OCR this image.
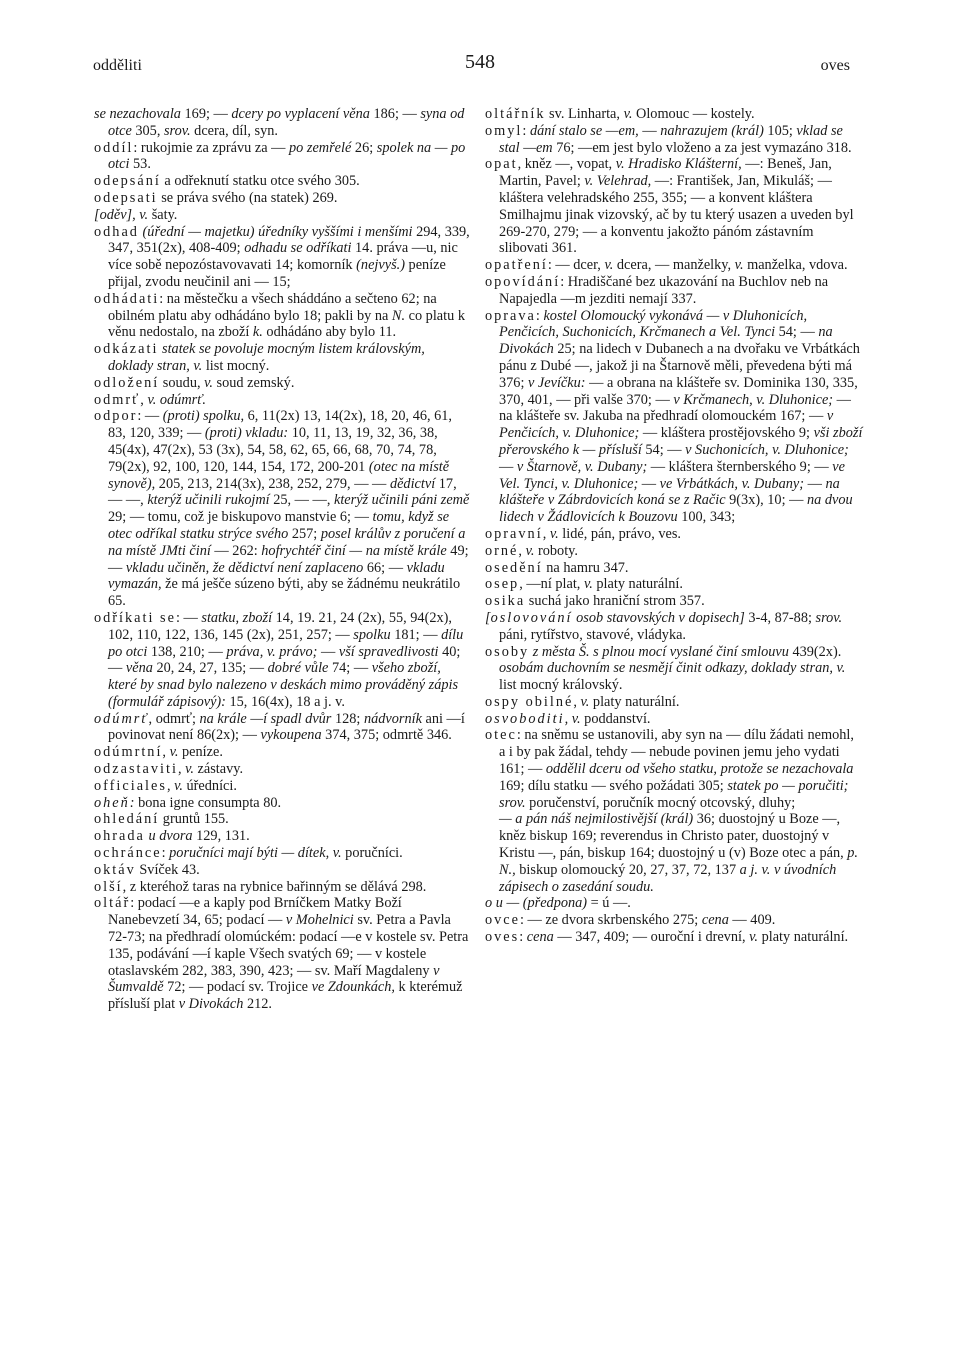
odděliti	548	oves

se nezachovala 169; — dcery po vyplacení věna 186; — syna od otce 305, srov. dcera, díl, syn.

oddíl: rukojmie za zprávu za — po zemřelé 26; spolek na — po otci 53.

odepsání a odřeknutí statku otce svého 305.

odepsati se práva svého (na statek) 269.

[oděv], v. šaty.

odhad (úřední — majetku) úředníky vyššími i menšími 294, 339, 347, 351(2x), 408-409; odhadu se odříkati 14. práva —u, nic více sobě nepozóstavovavati 14; komorník (nejvyš.) peníze přijal, zvodu neučinil ani — 15;

odhádati: na městečku a všech sháddáno a sečteno 62; na obilném platu aby odhádáno bylo 18; pakli by na N. co platu k věnu nedostalo, na zboží k. odhádáno aby bylo 11.

odkázati statek se povoluje mocným listem královským, doklady stran, v. list mocný.

odložení soudu, v. soud zemský.

odmrť, v. odúmrť.

odpor: — (proti) spolku, 6, 11(2x) 13, 14(2x), 18, 20, 46, 61, 83, 120, 339; — (proti) vkladu: 10, 11, 13, 19, 32, 36, 38, 45(4x), 47(2x), 53 (3x), 54, 58, 62, 65, 66, 68, 70, 74, 78, 79(2x), 92, 100, 120, 144, 154, 172, 200-201 (otec na místě synově), 205, 213, 214(3x), 238, 252, 279, — — dědictví 17, — —, kterýž učinili rukojmí 25, — —, kterýž učinili páni země 29; — tomu, což je biskupovo manstvie 6; — tomu, když se otec odříkal statku strýce svého 257; posel králův z poručení a na místě JMti činí — 262: hofrychtéř činí — na místě krále 49; — vkladu učiněn, že dědictví není zaplaceno 66; — vkladu vymazán, že má ješče súzeno býti, aby se žádnému neukrátilo 65.

odříkati se: — statku, zboží 14, 19. 21, 24 (2x), 55, 94(2x), 102, 110, 122, 136, 145 (2x), 251, 257; — spolku 181; — dílu po otci 138, 210; — práva, v. právo; — vší spravedlivosti 40; — věna 20, 24, 27, 135; — dobré vůle 74; — všeho zboží, které by snad bylo nalezeno v deskách mimo prováděný zápis (formulář zápisový): 15, 16(4x), 18 a j. v.

odúmrť, odmrť; na krále —í spadl dvůr 128; nádvorník ani —í povinovat není 86(2x); — vykoupena 374, 375; odmrtě 346.

odúmrtní, v. peníze.

odzastaviti, v. zástavy.

officiales, v. úředníci.

oheň: bona igne consumpta 80.

ohledání gruntů 155.

ohrada u dvora 129, 131.

ochránce: poručníci mají býti — dítek, v. poručníci.

oktáv Svíček 43.

olší, z kteréhož taras na rybnice bařinným se dělává 298.

oltář: podací —e a kaply pod Brníčkem Matky Boží Nanebevzetí 34, 65; podací — v Mohelnici sv. Petra a Pavla 72-73; na předhradí olomúckém: podací —e v kostele sv. Petra 135, podávání —í kaple Všech svatých 69; — v kostele otaslavském 282, 383, 390, 423; — sv. Maří Magdaleny v Šumvaldě 72; — podací sv. Trojice ve Zdounkách, k kterémuž přísluší plat v Divokách 212.

oltářník sv. Linharta, v. Olomouc — kostely.

omyl: dání stalo se —em, — nahrazujem (král) 105; vklad se stal —em 76; —em jest bylo vloženo a za jest vymazáno 318.

opat, kněz —, vopat, v. Hradisko Klášterní, —: Beneš, Jan, Martin, Pavel; v. Velehrad, —: František, Jan, Mikuláš; — kláštera velehradského 255, 355; — a konvent kláštera Smilhajmu jinak vizovský, ač by tu který usazen a uveden byl 269-270, 279; — a konventu jakožto pánóm zástavním slibovati 361.

opatření: — dcer, v. dcera, — manželky, v. manželka, vdova.

opovídání: Hradiščané bez ukazování na Buchlov neb na Napajedla —m jezditi nemají 337.

oprava: kostel Olomoucký vykonává — v Dluhonicích, Penčicích, Suchonicích, Krčmanech a Vel. Tynci 54; — na Divokách 25; na lidech v Dubanech a na dvořaku ve Vrbátkách pánu z Dubé —, jakož ji na Štarnově měli, převedena býti má 376; v Jevíčku: — a obrana na klášteře sv. Dominika 130, 335, 370, 401, — při valše 370; — v Krčmanech, v. Dluhonice; — na klášteře sv. Jakuba na předhradí olomouckém 167; — v Penčicích, v. Dluhonice; — kláštera prostějovského 9; vši zboží přerovského k — přísluší 54; — v Suchonicích, v. Dluhonice; — v Štarnově, v. Dubany; — kláštera šternberského 9; — ve Vel. Tynci, v. Dluhonice; — ve Vrbátkách, v. Dubany; — na klášteře v Zábrdovicích koná se z Račic 9(3x), 10; — na dvou lidech v Žádlovicích k Bouzovu 100, 343;

opravní, v. lidé, pán, právo, ves.

orné, v. roboty.

osedění na hamru 347.

osep, —ní plat, v. platy naturální.

osika suchá jako hraniční strom 357.

[oslovování osob stavovských v dopisech] 3-4, 87-88; srov. páni, rytířstvo, stavové, vládyka.

osoby z města Š. s plnou mocí vyslané činí smlouvu 439(2x).
osobám duchovním se nesmějí činit odkazy, doklady stran, v. list mocný královský.

ospy obilné, v. platy naturální.

osvoboditi, v. poddanství.

otec: na sněmu se ustanovili, aby syn na — dílu žádati nemohl, a i by pak žádal, tehdy — nebude povinen jemu jeho vydati 161; — oddělil dceru od všeho statku, protože se nezachovala 169; dílu statku — svého požádati 305; statek po — poručiti; srov. poručenství, poručník mocný otcovský, dluhy;
— a pán náš nejmilostivější (král) 36; duostojný u Boze —, kněz biskup 169; reverendus in Christo pater, duostojný v Kristu —, pán, biskup 164; duostojný u (v) Boze otec a pán, p. N., biskup olomoucký 20, 27, 37, 72, 137 a j. v. v úvodních zápisech o zasedání soudu.

o u — (předpona) = ú —.

ovce: — ze dvora skrbenského 275; cena — 409.

oves: cena — 347, 409; — ouroční i drevní, v. platy naturální.
